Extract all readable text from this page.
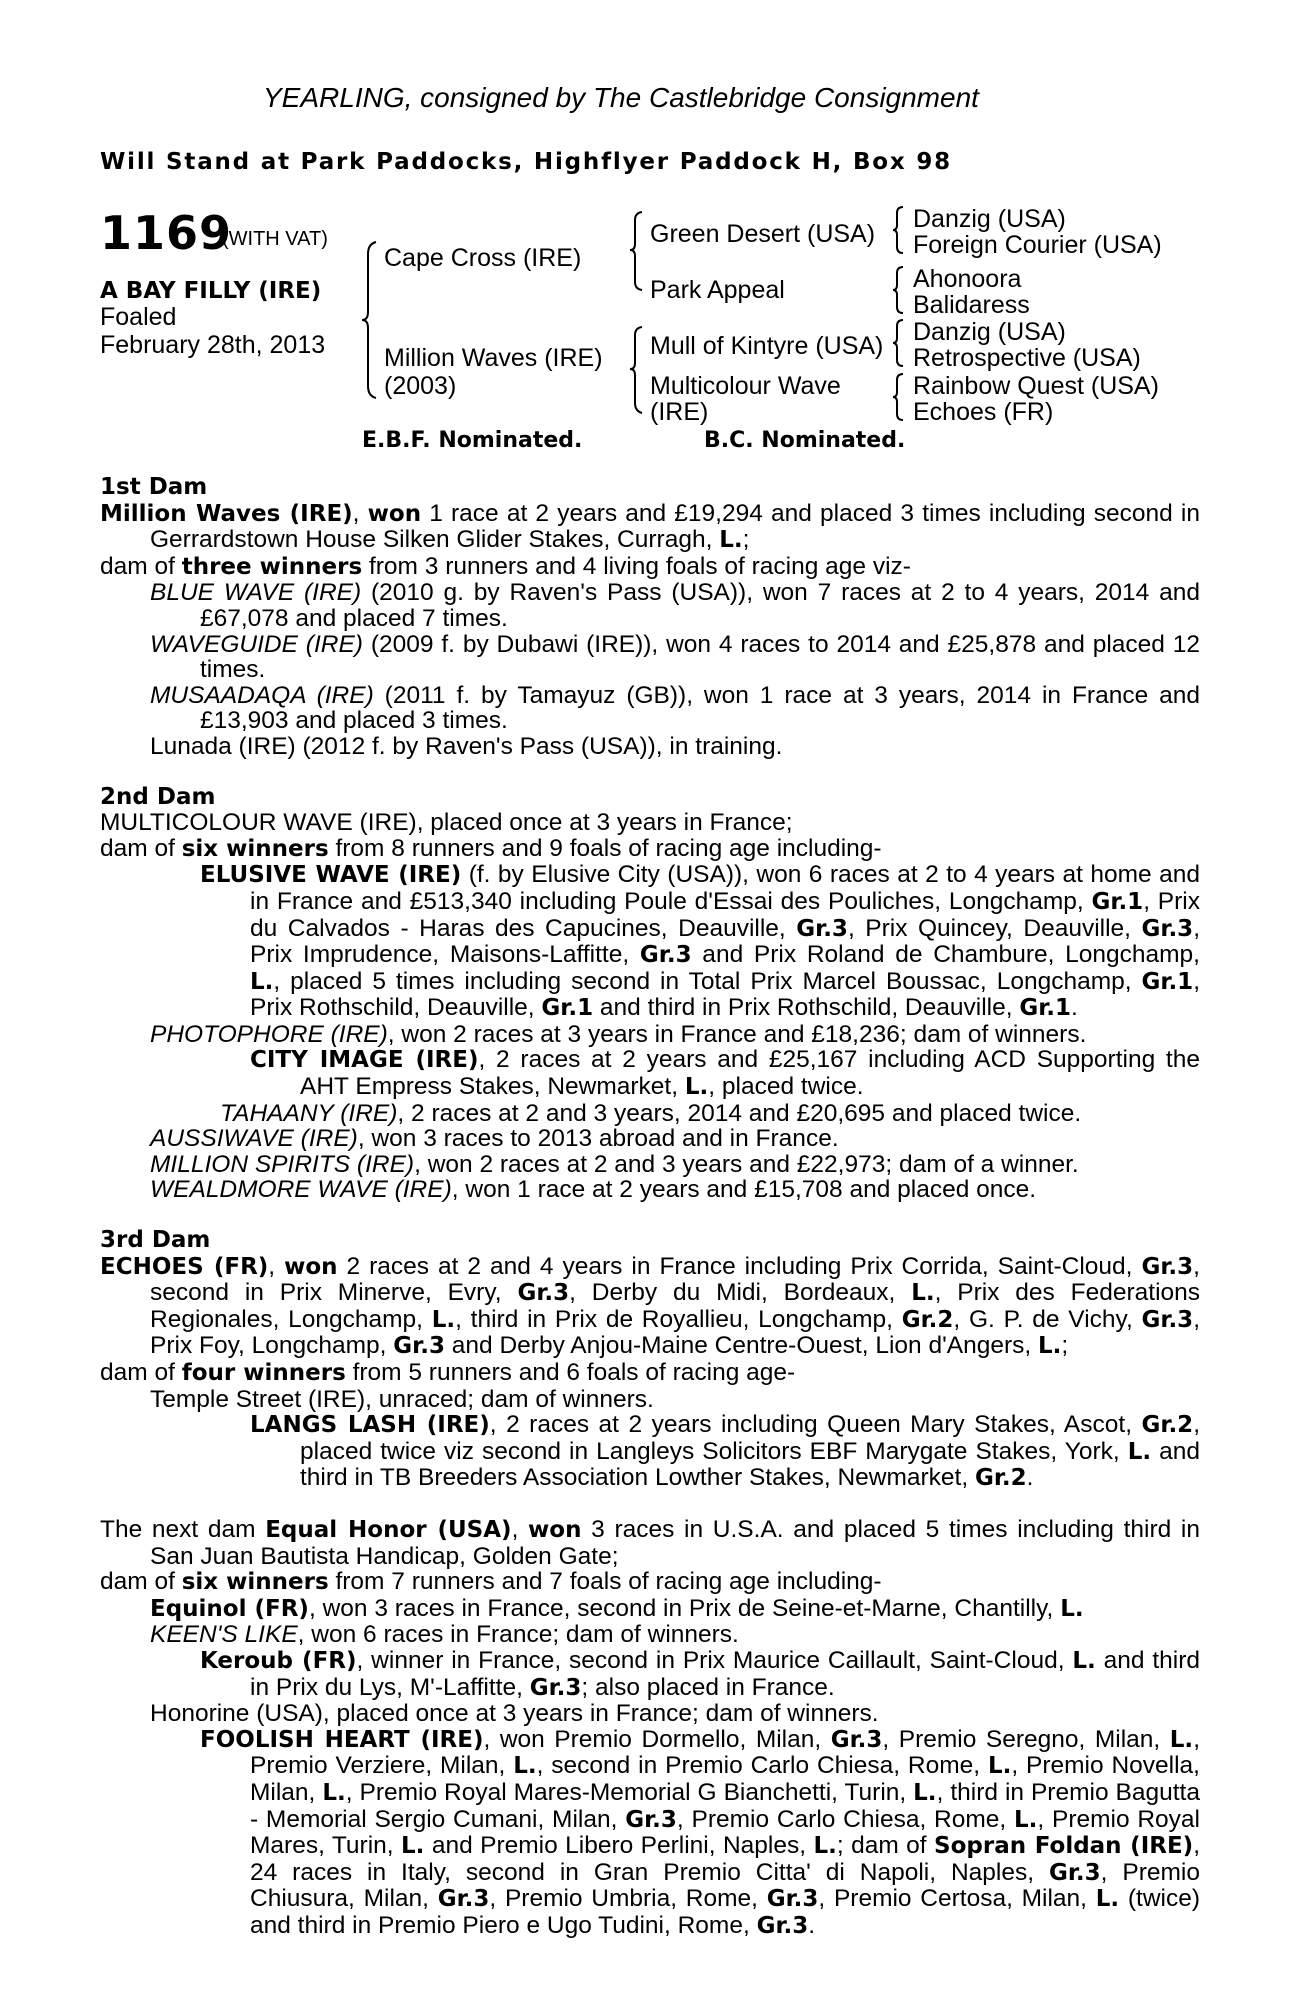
YEARLING, consigned by The Castlebridge Consignment
Will Stand at Park Paddocks, Highflyer Paddock H, Box 98
1169
(WITH VAT)
A BAY FILLY (IRE)
Foaled
February 28th, 2013
Cape Cross (IRE)
Million Waves (IRE)
(2003)
Green Desert (USA)
Park Appeal
Mull of Kintyre (USA)
Multicolour Wave
(IRE)
Danzig (USA)
Foreign Courier (USA)
Ahonoora
Balidaress
Danzig (USA)
Retrospective (USA)
Rainbow Quest (USA)
Echoes (FR)
E.B.F. Nominated.	B.C. Nominated.

1st Dam

Million Waves (IRE), won 1 race at 2 years and £19,294 and placed 3 times including second in Gerrardstown House Silken Glider Stakes, Curragh, L.;

dam of three winners from 3 runners and 4 living foals of racing age viz-

BLUE WAVE (IRE) (2010 g. by Raven's Pass (USA)), won 7 races at 2 to 4 years, 2014 and £67,078 and placed 7 times.

WAVEGUIDE (IRE) (2009 f. by Dubawi (IRE)), won 4 races to 2014 and £25,878 and placed 12 times.

MUSAADAQA (IRE) (2011 f. by Tamayuz (GB)), won 1 race at 3 years, 2014 in France and £13,903 and placed 3 times.

Lunada (IRE) (2012 f. by Raven's Pass (USA)), in training.

2nd Dam

MULTICOLOUR WAVE (IRE), placed once at 3 years in France;

dam of six winners from 8 runners and 9 foals of racing age including-

ELUSIVE WAVE (IRE) (f. by Elusive City (USA)), won 6 races at 2 to 4 years at home and in France and £513,340 including Poule d'Essai des Pouliches, Longchamp, Gr.1, Prix du Calvados - Haras des Capucines, Deauville, Gr.3, Prix Quincey, Deauville, Gr.3, Prix Imprudence, Maisons-Laffitte, Gr.3 and Prix Roland de Chambure, Longchamp, L., placed 5 times including second in Total Prix Marcel Boussac, Longchamp, Gr.1, Prix Rothschild, Deauville, Gr.1 and third in Prix Rothschild, Deauville, Gr.1.

PHOTOPHORE (IRE), won 2 races at 3 years in France and £18,236; dam of winners.

CITY IMAGE (IRE), 2 races at 2 years and £25,167 including ACD Supporting the AHT Empress Stakes, Newmarket, L., placed twice.

TAHAANY (IRE), 2 races at 2 and 3 years, 2014 and £20,695 and placed twice.

AUSSIWAVE (IRE), won 3 races to 2013 abroad and in France.

MILLION SPIRITS (IRE), won 2 races at 2 and 3 years and £22,973; dam of a winner.

WEALDMORE WAVE (IRE), won 1 race at 2 years and £15,708 and placed once.

3rd Dam

ECHOES (FR), won 2 races at 2 and 4 years in France including Prix Corrida, Saint-Cloud, Gr.3, second in Prix Minerve, Evry, Gr.3, Derby du Midi, Bordeaux, L., Prix des Federations Regionales, Longchamp, L., third in Prix de Royallieu, Longchamp, Gr.2, G. P. de Vichy, Gr.3, Prix Foy, Longchamp, Gr.3 and Derby Anjou-Maine Centre-Ouest, Lion d'Angers, L.;

dam of four winners from 5 runners and 6 foals of racing age-

Temple Street (IRE), unraced; dam of winners.

LANGS LASH (IRE), 2 races at 2 years including Queen Mary Stakes, Ascot, Gr.2, placed twice viz second in Langleys Solicitors EBF Marygate Stakes, York, L. and third in TB Breeders Association Lowther Stakes, Newmarket, Gr.2.

The next dam Equal Honor (USA), won 3 races in U.S.A. and placed 5 times including third in San Juan Bautista Handicap, Golden Gate;

dam of six winners from 7 runners and 7 foals of racing age including-

Equinol (FR), won 3 races in France, second in Prix de Seine-et-Marne, Chantilly, L.

KEEN'S LIKE, won 6 races in France; dam of winners.

Keroub (FR), winner in France, second in Prix Maurice Caillault, Saint-Cloud, L. and third in Prix du Lys, M'-Laffitte, Gr.3; also placed in France.

Honorine (USA), placed once at 3 years in France; dam of winners.

FOOLISH HEART (IRE), won Premio Dormello, Milan, Gr.3, Premio Seregno, Milan, L., Premio Verziere, Milan, L., second in Premio Carlo Chiesa, Rome, L., Premio Novella, Milan, L., Premio Royal Mares-Memorial G Bianchetti, Turin, L., third in Premio Bagutta - Memorial Sergio Cumani, Milan, Gr.3, Premio Carlo Chiesa, Rome, L., Premio Royal Mares, Turin, L. and Premio Libero Perlini, Naples, L.; dam of Sopran Foldan (IRE), 24 races in Italy, second in Gran Premio Citta' di Napoli, Naples, Gr.3, Premio Chiusura, Milan, Gr.3, Premio Umbria, Rome, Gr.3, Premio Certosa, Milan, L. (twice) and third in Premio Piero e Ugo Tudini, Rome, Gr.3.
